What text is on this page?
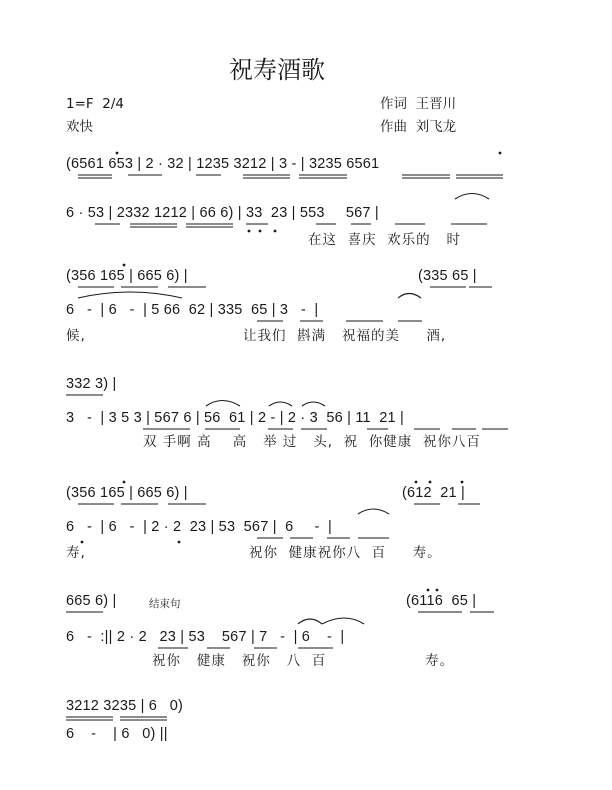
祝寿酒歌
1=F  2/4
欢快
作词  王晋川
作曲  刘飞龙
(6561 653 | 2 · 32 | 1235 3212 | 3 - | 3235 6561
6 · 53 | 2332 1212 | 66 6) | 33  23 | 553     567 |
在这  喜庆  欢乐的   时
(356 165 | 665 6) |	(335 65 |
6   -  | 6   -  | 5 66  62 | 335  65 | 3   -  |
候,	让我们  斟满   祝福的美     酒,
332 3) |
3   -  | 3 5 3 | 567 6 | 56  61 | 2 - | 2 · 3  56 | 11  21 |
双 手啊 高    高   举 过   头,  祝  你健康  祝你八百
(356 165 | 665 6) |	(612  21 |
6   -  | 6   -  | 2 · 2  23 | 53  567 |  6     -  |
寿,	祝你  健康祝你八  百     寿。
665 6) |	结束句	(6116  65 |
6   -  :|| 2 · 2   23 | 53    567 | 7   -  | 6    -  |
祝你   健康   祝你   八  百	寿。
3212 3235 | 6   0)
6    -    | 6   0) ||
